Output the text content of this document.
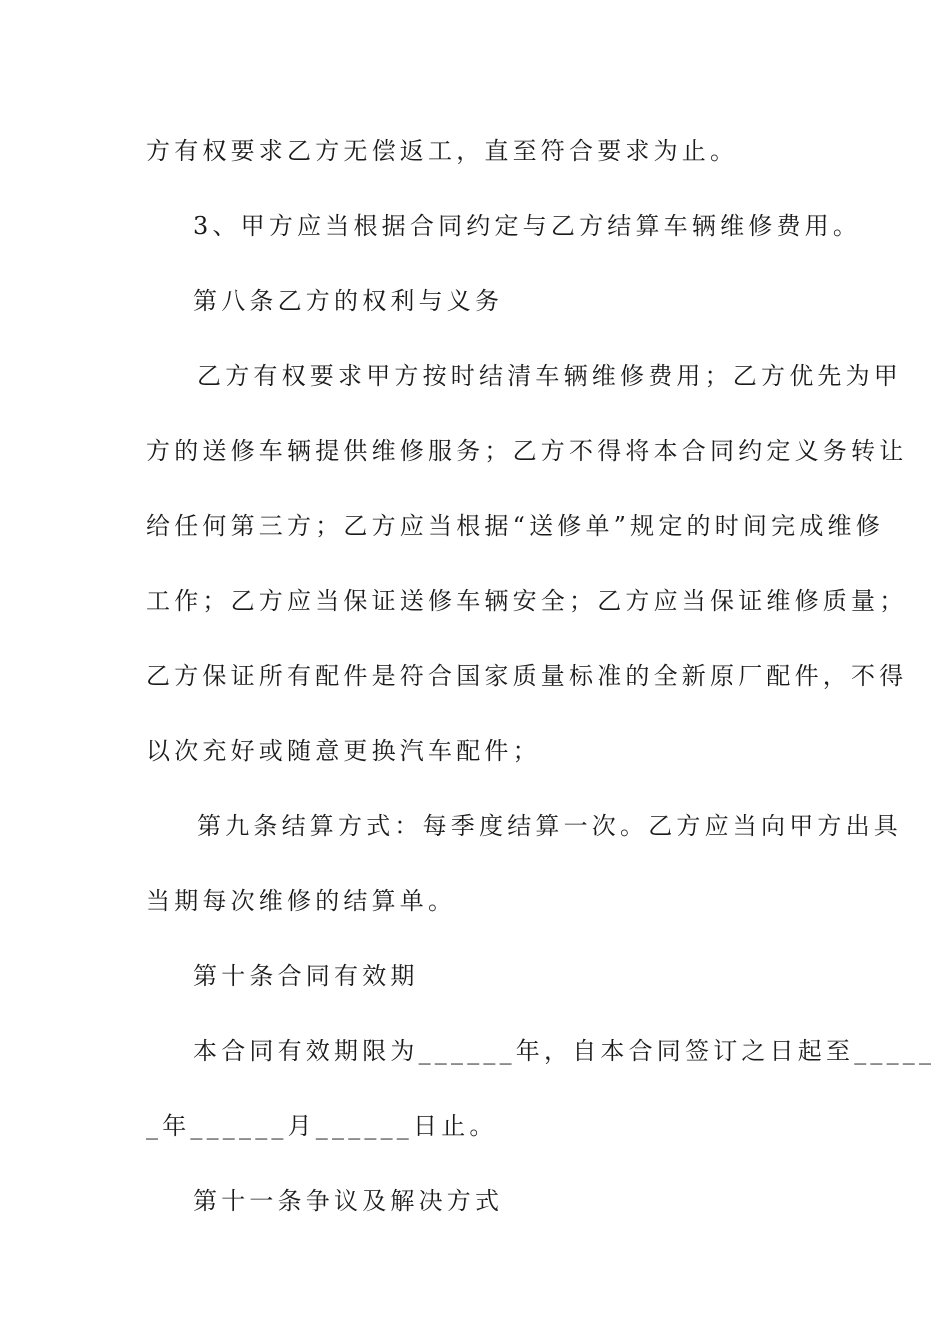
方有权要求乙方无偿返工，直至符合要求为止。

3、甲方应当根据合同约定与乙方结算车辆维修费用。

第八条乙方的权利与义务

乙方有权要求甲方按时结清车辆维修费用；乙方优先为甲

方的送修车辆提供维修服务；乙方不得将本合同约定义务转让

给任何第三方；乙方应当根据“送修单”规定的时间完成维修

工作；乙方应当保证送修车辆安全；乙方应当保证维修质量；

乙方保证所有配件是符合国家质量标准的全新原厂配件，不得

以次充好或随意更换汽车配件；

第九条结算方式：每季度结算一次。乙方应当向甲方出具

当期每次维修的结算单。

第十条合同有效期

本合同有效期限为______年，自本合同签订之日起至_____

_年______月______日止。

第十一条争议及解决方式
